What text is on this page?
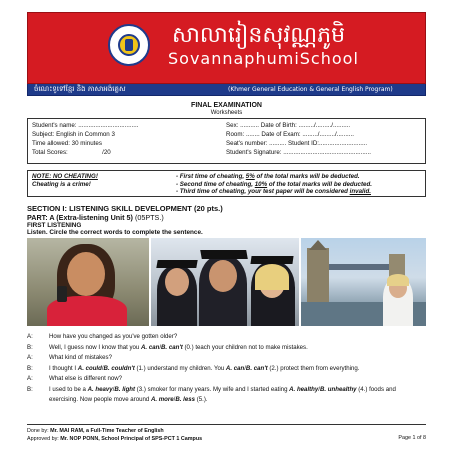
សាលារៀនសុវណ្ណភូមិ
SovannaphumiSchool
ចំណេះទូទៅខ្មែរ និង ភាសាអង់គ្លេស	(Khmer General Education & General English Program)
FINAL EXAMINATION
Worksheets
Student's name: ...................................
Subject: English in Common 3
Time allowed: 30 minutes
Total Scores:                    /20
Sex: ........... Date of Birth: ........./........./..........
Room: ........ Date of Exam: ........./........./..........
Seat's number: .......... Student ID:............................
Student's Signature: ...................................................
NOTE: NO CHEATING!
Cheating is a crime!
- First time of cheating, 5% of the total marks will be deducted.
- Second time of cheating, 10% of the total marks will be deducted.
- Third time of cheating, your test paper will be considered invalid.
SECTION I: LISTENING SKILL DEVELOPMENT (20 pts.)
PART: A (Extra-listening Unit 5) (05PTS.)
FIRST LISTENING
Listen. Circle the correct words to complete the sentence.
A:	How have you changed as you've gotten older?
B:	Well, I guess now I know that you A. can/B. can't (0.) teach your children not to make mistakes.
A:	What kind of mistakes?
B:	I thought I A. could/B. couldn't (1.) understand my children. You A. can/B. can't (2.) protect them from everything.
A:	What else is different now?
B:	I used to be a A. heavy/B. light (3.) smoker for many years. My wife and I started eating A. healthy/B. unhealthy (4.) foods and
exercising. Now people move around A. more/B. less (5.).
Done by: Mr. MAI RAM, a Full-Time Teacher of English
Approved by: Mr. NOP PONN, School Principal of SPS-PCT 1 Campus	Page 1 of 8
